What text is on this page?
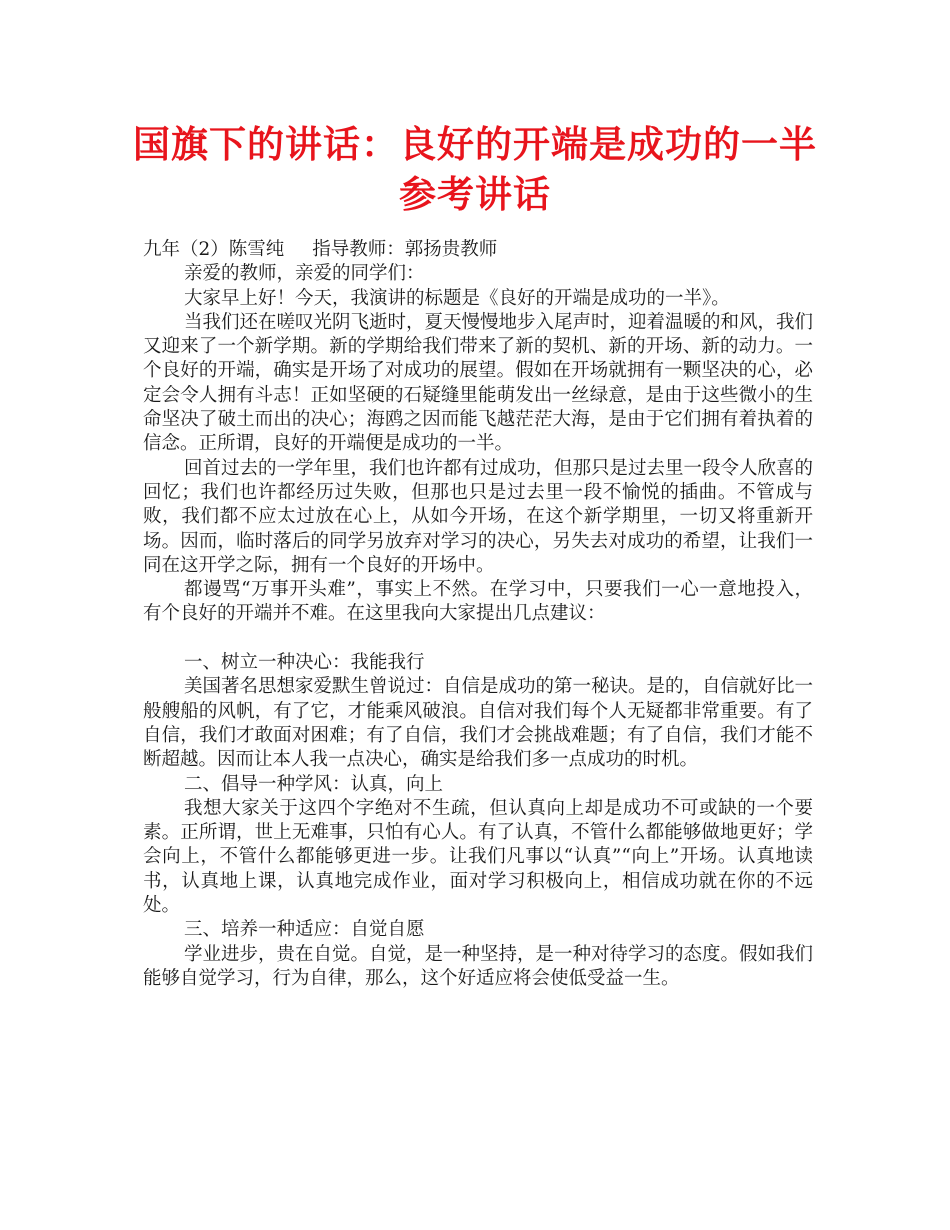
国旗下的讲话：良好的开端是成功的一半
参考讲话

九年（2）陈雪纯 指导教师：郭扬贵教师

亲爱的教师，亲爱的同学们：

大家早上好！今天，我演讲的标题是《良好的开端是成功的一半》。

当我们还在嗟叹光阴飞逝时，夏天慢慢地步入尾声时，迎着温暖的和风，我们又迎来了一个新学期。新的学期给我们带来了新的契机、新的开场、新的动力。一个良好的开端，确实是开场了对成功的展望。假如在开场就拥有一颗坚决的心，必定会令人拥有斗志！正如坚硬的石疑缝里能萌发出一丝绿意，是由于这些微小的生命坚决了破土而出的决心；海鸥之因而能飞越茫茫大海，是由于它们拥有着执着的信念。正所谓，良好的开端便是成功的一半。

回首过去的一学年里，我们也许都有过成功，但那只是过去里一段令人欣喜的回忆；我们也许都经历过失败，但那也只是过去里一段不愉悦的插曲。不管成与败，我们都不应太过放在心上，从如今开场，在这个新学期里，一切又将重新开场。因而，临时落后的同学另放弃对学习的决心，另失去对成功的希望，让我们一同在这开学之际，拥有一个良好的开场中。

都谩骂“万事开头难”，事实上不然。在学习中，只要我们一心一意地投入，有个良好的开端并不难。在这里我向大家提出几点建议：

一、树立一种决心：我能我行

美国著名思想家爱默生曾说过：自信是成功的第一秘诀。是的，自信就好比一般艘船的风帆，有了它，才能乘风破浪。自信对我们每个人无疑都非常重要。有了自信，我们才敢面对困难；有了自信，我们才会挑战难题；有了自信，我们才能不断超越。因而让本人我一点决心，确实是给我们多一点成功的时机。

二、倡导一种学风：认真，向上

我想大家关于这四个字绝对不生疏，但认真向上却是成功不可或缺的一个要素。正所谓，世上无难事，只怕有心人。有了认真，不管什么都能够做地更好；学会向上，不管什么都能够更进一步。让我们凡事以“认真”“向上”开场。认真地读书，认真地上课，认真地完成作业，面对学习积极向上，相信成功就在你的不远处。

三、培养一种适应：自觉自愿

学业进步，贵在自觉。自觉，是一种坚持，是一种对待学习的态度。假如我们能够自觉学习，行为自律，那么，这个好适应将会使低受益一生。
